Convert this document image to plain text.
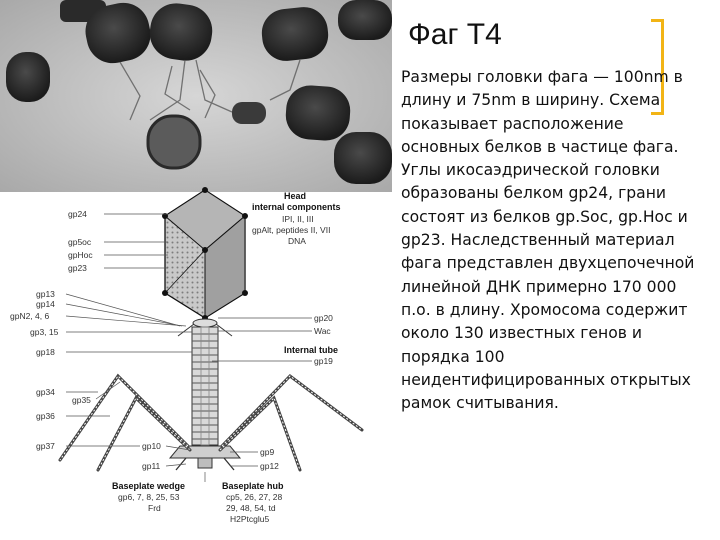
gp24
gp5oc
gpHoc
gp23
gp13
gp14
gpN2, 4, 6
gp3, 15
gp18
gp34
gp35
gp36
gp37	gp10
gp11
Head
internal components
IPI, II, III
gpAlt, peptides II, VII
DNA
gp20
Wac
Internal tube
gp19
gp9
gp12
Baseplate wedge
gp6, 7, 8, 25, 53
Frd
Baseplate hub
cp5, 26, 27, 28
29, 48, 54, td
H2Ptcglu5
Фаг Т4

Размеры головки фага — 100nm в длину и 75nm в ширину. Схема показывает расположение основных белков в частице фага. Углы икосаэдрической головки образованы белком gp24, грани состоят из белков gp.Soc, gp.Hoc и gp23. Наследственный материал фага представлен двухцепочечной линейной ДНК примерно 170 000 п.о. в длину. Хромосома содержит около 130 известных генов и порядка 100 неидентифицированных открытых рамок считывания.
